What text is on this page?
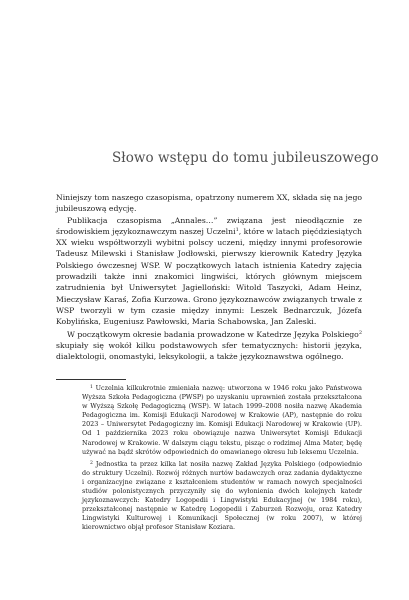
Słowo wstępu do tomu jubileuszowego

Niniejszy tom naszego czasopisma, opatrzony numerem XX, składa się na jego jubileuszową edycję.

Publikacja czasopisma „Annales…” związana jest nieodłącznie ze środowiskiem językoznawczym naszej Uczelni$^1$, które w latach pięćdziesiątych XX wieku współtworzyli wybitni polscy uczeni, między innymi profesorowie Tadeusz Milewski i Stanisław Jodłowski, pierwszy kierownik Katedry Języka Polskiego ówczesnej WSP. W początkowych latach istnienia Katedry zajęcia prowadzili także inni znakomici lingwiści, których głównym miejscem zatrudnienia był Uniwersytet Jagielloński: Witold Taszycki, Adam Heinz, Mieczysław Karaś, Zofia Kurzowa. Grono językoznawców związanych trwale z WSP tworzyli w tym czasie między innymi: Leszek Bednarczuk, Józefa Kobylińska, Eugeniusz Pawłowski, Maria Schabowska, Jan Zaleski.

W początkowym okresie badania prowadzone w Katedrze Języka Polskiego$^2$ skupiały się wokół kilku podstawowych sfer tematycznych: historii języka, dialektologii, onomastyki, leksykologii, a także językoznawstwa ogólnego.

$^1$ Uczelnia kilkukrotnie zmieniała nazwę: utworzona w 1946 roku jako Państwowa Wyższa Szkoła Pedagogiczna (PWSP) po uzyskaniu uprawnień została przekształcona w Wyższą Szkołę Pedagogiczną (WSP). W latach 1999–2008 nosiła nazwę Akademia Pedagogiczna im. Komisji Edukacji Narodowej w Krakowie (AP), następnie do roku 2023 – Uniwersytet Pedagogiczny im. Komisji Edukacji Narodowej w Krakowie (UP). Od 1 października 2023 roku obowiązuje nazwa Uniwersytet Komisji Edukacji Narodowej w Krakowie. W dalszym ciągu tekstu, pisząc o rodzimej Alma Mater, będę używać na bądź skrótów odpowiednich do omawianego okresu lub leksemu Uczelnia.

$^2$ Jednostka ta przez kilka lat nosiła nazwę Zakład Języka Polskiego (odpowiednio do struktury Uczelni). Rozwój różnych nurtów badawczych oraz zadania dydaktyczne i organizacyjne związane z kształceniem studentów w ramach nowych specjalności studiów polonistycznych przyczyniły się do wyłonienia dwóch kolejnych katedr językoznawczych: Katedry Logopedii i Lingwistyki Edukacyjnej (w 1984 roku), przekształconej następnie w Katedrę Logopedii i Zaburzeń Rozwoju, oraz Katedry Lingwistyki Kulturowej i Komunikacji Społecznej (w roku 2007), w której kierownictwo objął profesor Stanisław Koziara.
